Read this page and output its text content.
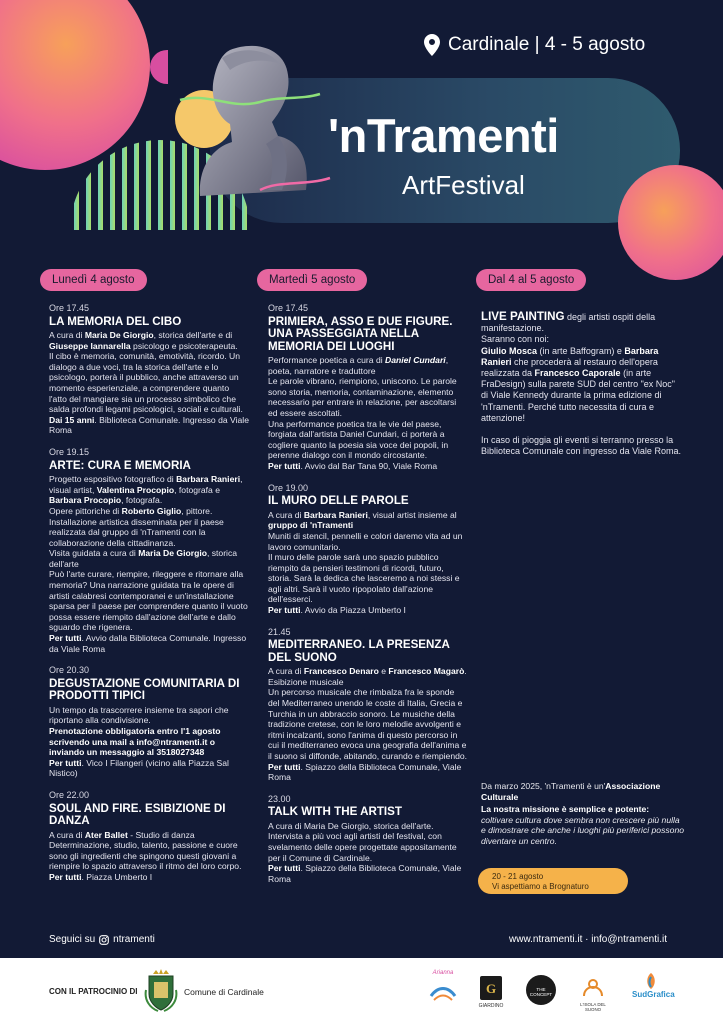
Cardinale | 4 - 5 agosto
'nTramenti
ArtFestival
Lunedì 4 agosto	Martedì 5 agosto	Dal 4 al 5 agosto
Ore 17.45
LA MEMORIA DEL CIBO
A cura di Maria De Giorgio, storica dell'arte e di Giuseppe Iannarella psicologo e psicoterapeuta.
Il cibo è memoria, comunità, emotività, ricordo. Un dialogo a due voci, tra la storica dell'arte e lo psicologo, porterà il pubblico, anche attraverso un momento esperienziale, a comprendere quanto l'atto del mangiare sia un processo simbolico che salda profondi legami psicologici, sociali e culturali.
Dai 15 anni. Biblioteca Comunale. Ingresso da Viale Roma
Ore 19.15
ARTE: CURA E MEMORIA
Progetto espositivo fotografico di Barbara Ranieri, visual artist, Valentina Procopio, fotografa e Barbara Procopio, fotografa.
Opere pittoriche di Roberto Giglio, pittore.
Installazione artistica disseminata per il paese realizzata dal gruppo di 'nTramenti con la collaborazione della cittadinanza.
Visita guidata a cura di Maria De Giorgio, storica dell'arte
Può l'arte curare, riempire, rileggere e ritornare alla memoria? Una narrazione guidata tra le opere di artisti calabresi contemporanei e un'installazione sparsa per il paese per comprendere quanto il vuoto possa essere riempito dall'azione dell'arte e dallo sguardo che rigenera.
Per tutti. Avvio dalla Biblioteca Comunale. Ingresso da Viale Roma
Ore 20.30
DEGUSTAZIONE COMUNITARIA DI PRODOTTI TIPICI
Un tempo da trascorrere insieme tra sapori che riportano alla condivisione.
Prenotazione obbligatoria entro l'1 agosto scrivendo una mail a info@ntramenti.it o inviando un messaggio al 3518027348
Per tutti. Vico I Filangeri (vicino alla Piazza Sal Nistico)
Ore 22.00
SOUL AND FIRE. ESIBIZIONE DI DANZA
A cura di Ater Ballet - Studio di danza
Determinazione, studio, talento, passione e cuore sono gli ingredienti che spingono questi giovani a riempire lo spazio attraverso il ritmo del loro corpo.
Per tutti. Piazza Umberto I
Ore 17.45
PRIMIERA, ASSO E DUE FIGURE. UNA PASSEGGIATA NELLA MEMORIA DEI LUOGHI
Performance poetica a cura di Daniel Cundari, poeta, narratore e traduttore
Le parole vibrano, riempiono, uniscono. Le parole sono storia, memoria, contaminazione, elemento necessario per entrare in relazione, per ascoltarsi ed essere ascoltati.
Una performance poetica tra le vie del paese, forgiata dall'artista Daniel Cundari, ci porterà a cogliere quanto la poesia sia voce dei popoli, in perenne dialogo con il mondo circostante.
Per tutti. Avvio dal Bar Tana 90, Viale Roma
Ore 19.00
IL MURO DELLE PAROLE
A cura di Barbara Ranieri, visual artist insieme al gruppo di 'nTramenti
Muniti di stencil, pennelli e colori daremo vita ad un lavoro comunitario.
Il muro delle parole sarà uno spazio pubblico riempito da pensieri testimoni di ricordi, futuro, storia. Sarà la dedica che lasceremo a noi stessi e agli altri. Sarà il vuoto ripopolato dall'azione dell'esserci.
Per tutti. Avvio da Piazza Umberto I
21.45
MEDITERRANEO. LA PRESENZA DEL SUONO
A cura di Francesco Denaro e Francesco Magarò. Esibizione musicale
Un percorso musicale che rimbalza fra le sponde del Mediterraneo unendo le coste di Italia, Grecia e Turchia in un abbraccio sonoro. Le musiche della tradizione cretese, con le loro melodie avvolgenti e ritmi incalzanti, sono l'anima di questo percorso in cui il mediterraneo evoca una geografia dell'anima e il suono si diffonde, abitando, curando e riempiendo.
Per tutti. Spiazzo della Biblioteca Comunale, Viale Roma
23.00
TALK WITH THE ARTIST
A cura di Maria De Giorgio, storica dell'arte. Intervista a più voci agli artisti del festival, con svelamento delle opere progettate appositamente per il Comune di Cardinale.
Per tutti. Spiazzo della Biblioteca Comunale, Viale Roma
LIVE PAINTING degli artisti ospiti della manifestazione.
Saranno con noi:
Giulio Mosca (in arte Baffogram) e Barbara Ranieri che procederà al restauro dell'opera realizzata da Francesco Caporale (in arte FraDesign) sulla parete SUD del centro "ex Noc" di Viale Kennedy durante la prima edizione di 'nTramenti. Perché tutto necessita di cura e attenzione!
In caso di pioggia gli eventi si terranno presso la Biblioteca Comunale con ingresso da Viale Roma.
Da marzo 2025, 'nTramenti è un'Associazione Culturale
La nostra missione è semplice e potente:
coltivare cultura dove sembra non crescere più nulla e dimostrare che anche i luoghi più periferici possono diventare un centro.
20 - 21 agosto
Vi aspettiamo a Brognaturo
Seguici su ntramenti	www.ntramenti.it · info@ntramenti.it
CON IL PATROCINIO DI	Comune di Cardinale
Arianna
G
GIARDINO
THE CONCEPT
L'ISOLA DEL SUONO
SudGrafica
